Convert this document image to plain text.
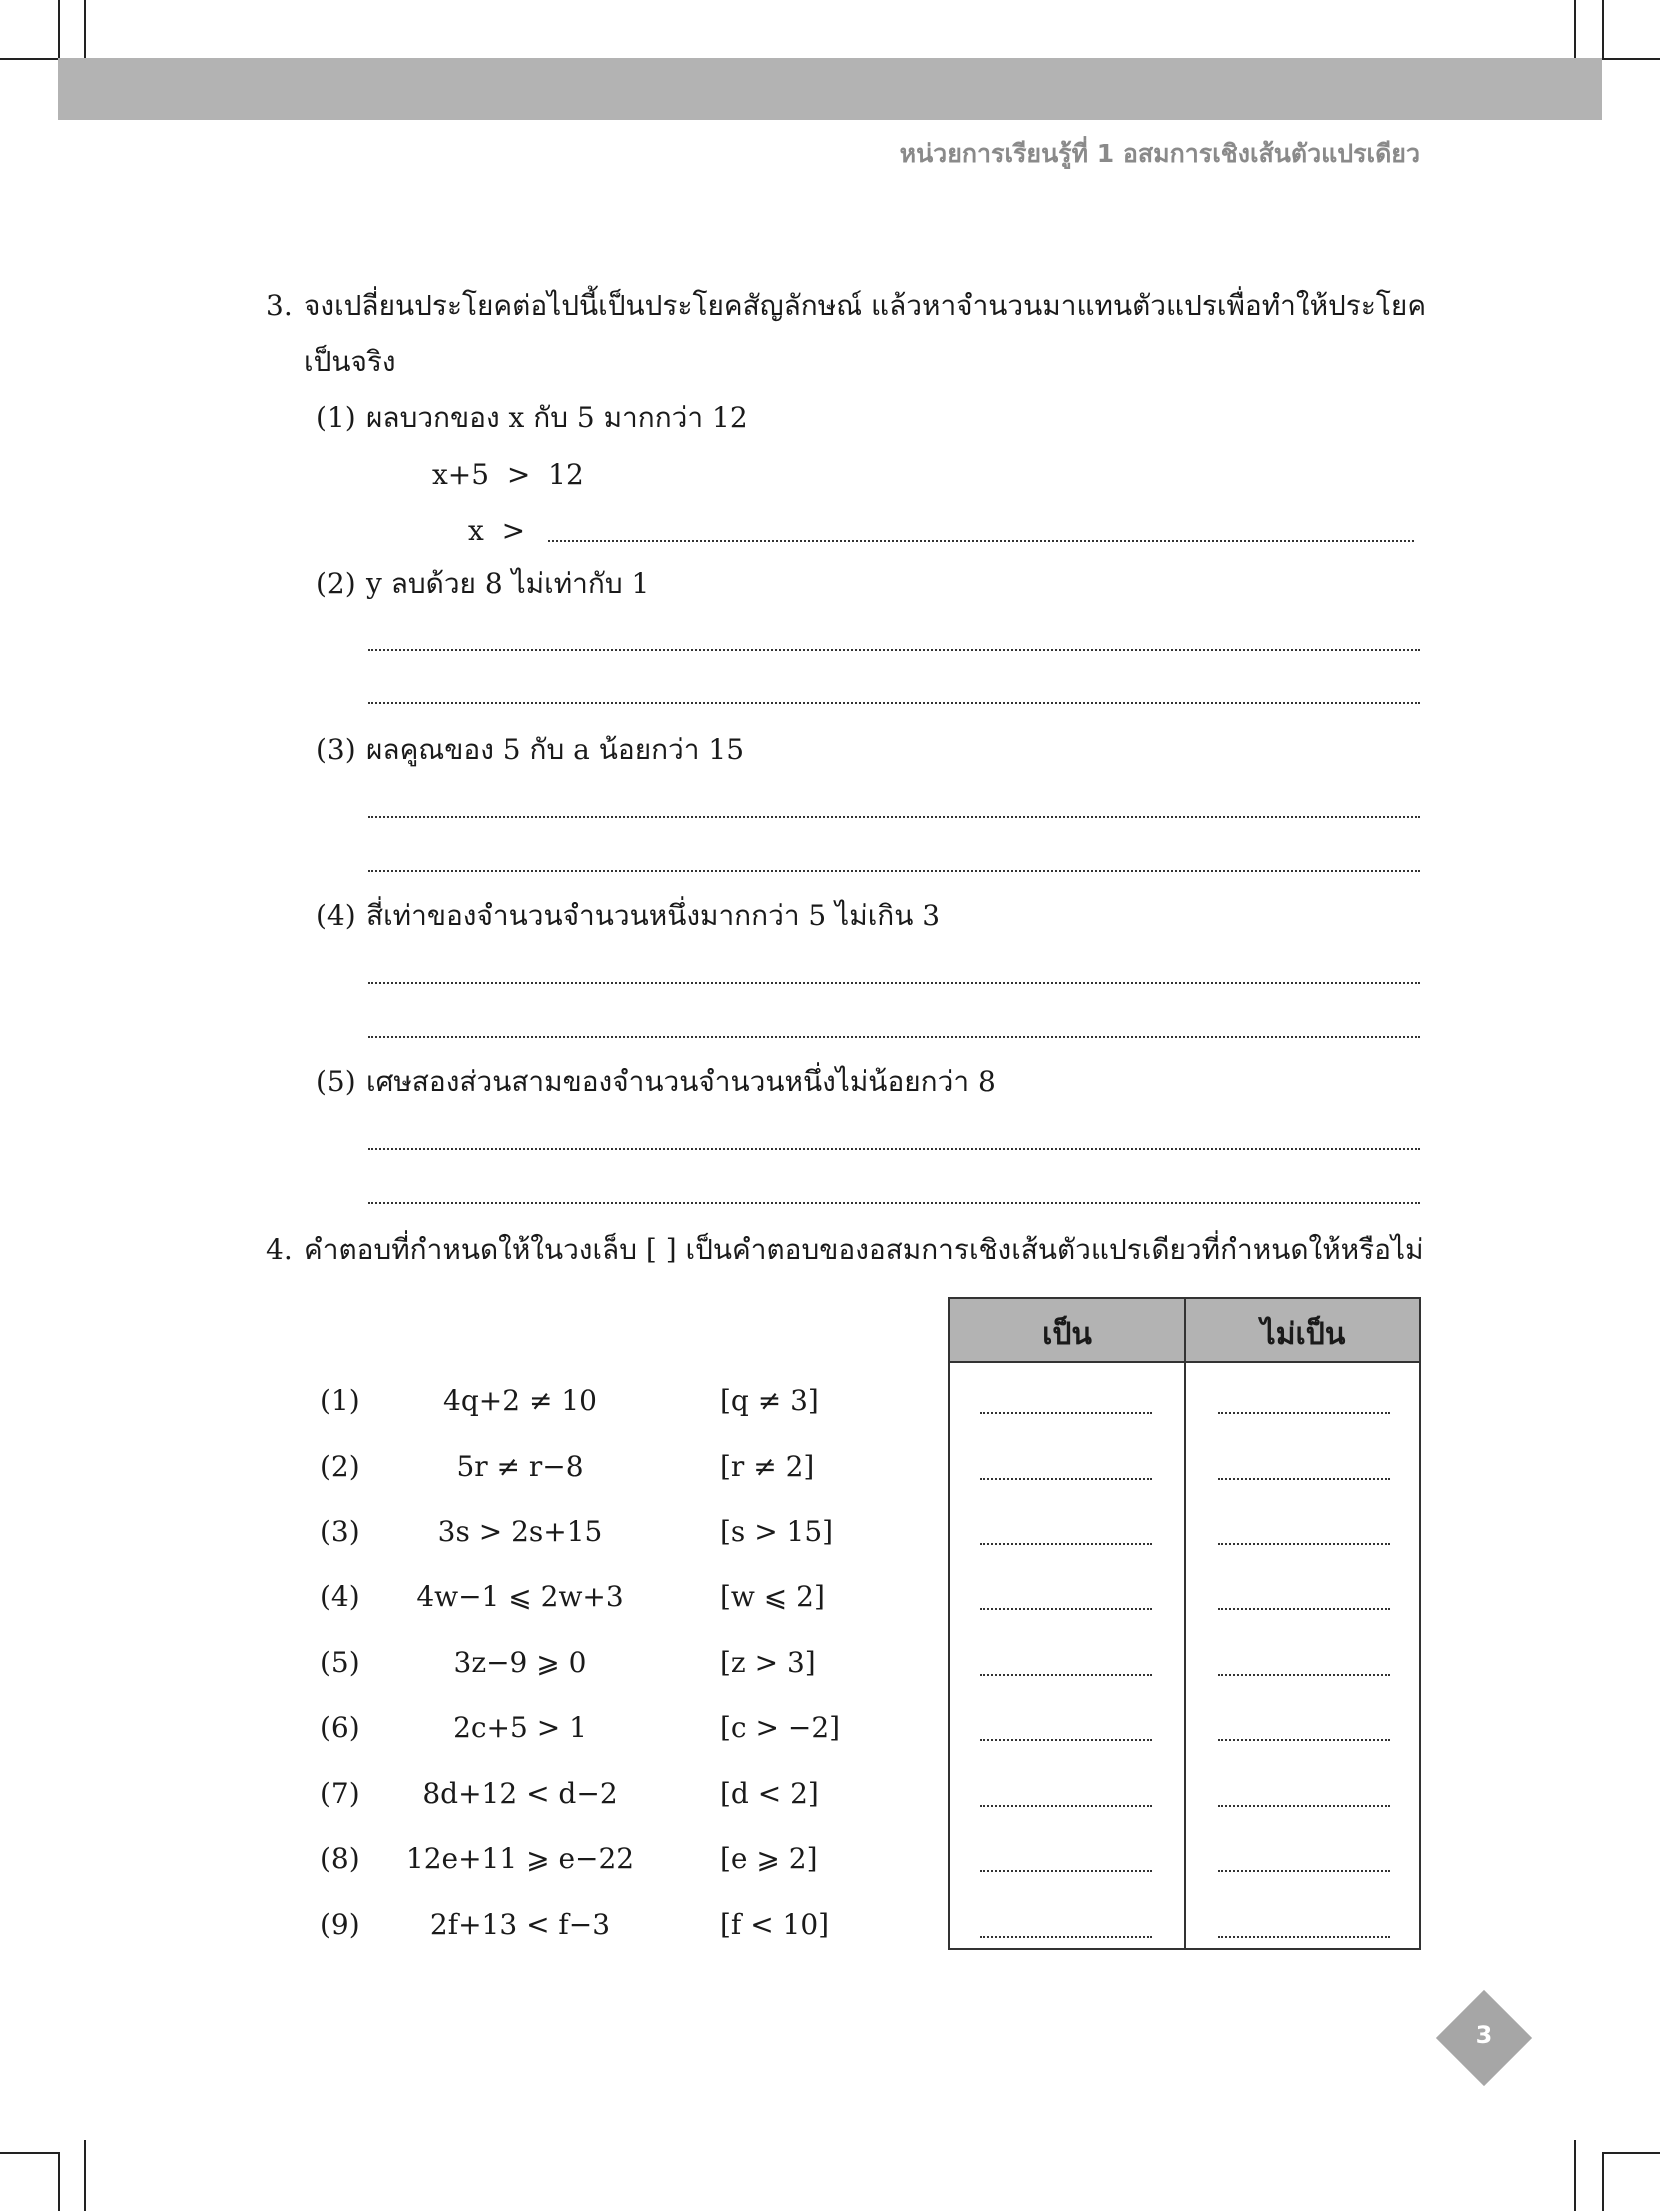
หน่วยการเรียนรู้ที่ 1 อสมการเชิงเส้นตัวแปรเดียว
3. จงเปลี่ยนประโยคต่อไปนี้เป็นประโยคสัญลักษณ์ แล้วหาจำนวนมาแทนตัวแปรเพื่อทำให้ประโยค
เป็นจริง
(1) ผลบวกของ x กับ 5 มากกว่า 12
x+5  >  12
x  >
(2) y ลบด้วย 8 ไม่เท่ากับ 1
(3) ผลคูณของ 5 กับ a น้อยกว่า 15
(4) สี่เท่าของจำนวนจำนวนหนึ่งมากกว่า 5 ไม่เกิน 3
(5) เศษสองส่วนสามของจำนวนจำนวนหนึ่งไม่น้อยกว่า 8
4. คำตอบที่กำหนดให้ในวงเล็บ [ ] เป็นคำตอบของอสมการเชิงเส้นตัวแปรเดียวที่กำหนดให้หรือไม่
เป็น	ไม่เป็น
(1)	4q+2 ≠ 10	[q ≠ 3]
(2)	5r ≠ r−8	[r ≠ 2]
(3)	3s > 2s+15	[s > 15]
(4)	4w−1 ⩽ 2w+3	[w ⩽ 2]
(5)	3z−9 ⩾ 0	[z > 3]
(6)	2c+5 > 1	[c > −2]
(7)	8d+12 < d−2	[d < 2]
(8)	12e+11 ⩾ e−22	[e ⩾ 2]
(9)	2f+13 < f−3	[f < 10]
3
